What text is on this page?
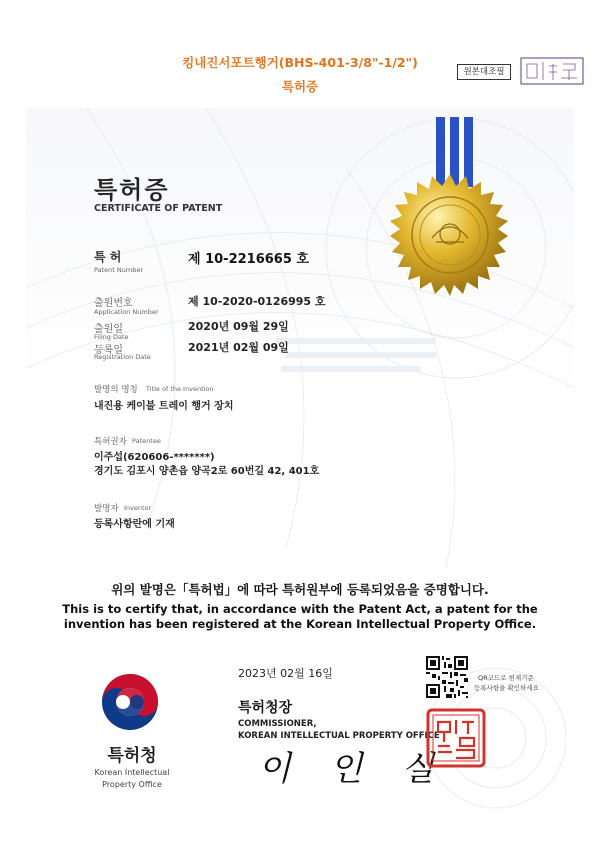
킹내진서포트행거(BHS-401-3/8"-1/2")
특허증
원본대조필
특허증
CERTIFICATE OF PATENT
특 허
Patent Number
제 10-2216665 호
출원번호
Application Number
제 10-2020-0126995 호
출원일
Filing Date
2020년 09월 29일
등록일
Registration Date
2021년 02월 09일
발명의 명칭 Title of the Invention
내진용 케이블 트레이 행거 장치
특허권자 Patentee
이주섭(620606-*******)
경기도 김포시 양촌읍 양곡2로 60번길 42, 401호
발명자 Inventor
등록사항란에 기재
위의 발명은「특허법」에 따라 특허원부에 등록되었음을 증명합니다.
This is to certify that, in accordance with the Patent Act, a patent for the
invention has been registered at the Korean Intellectual Property Office.
2023년 02월 16일	QR코드로 현재기준
등록사항을 확인하세요
특허청장
COMMISSIONER,
KOREAN INTELLECTUAL PROPERTY OFFICE
이 인 실
특허청
Korean Intellectual
Property Office
